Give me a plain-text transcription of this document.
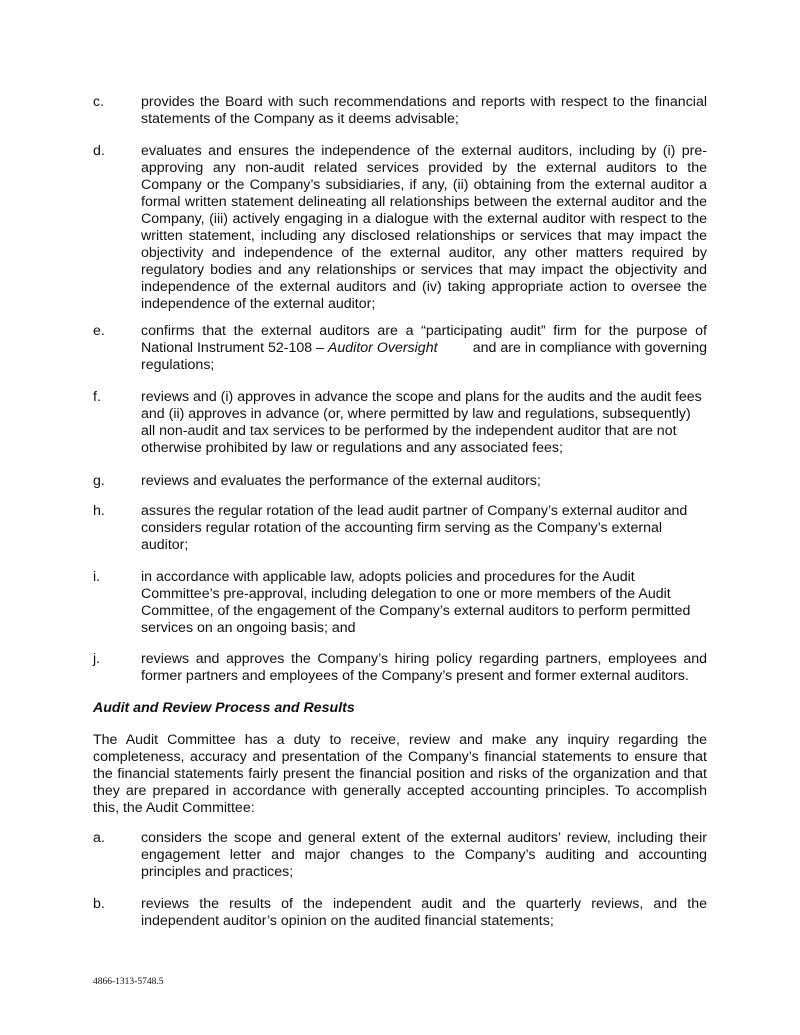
c.	provides the Board with such recommendations and reports with respect to the financial
statements of the Company as it deems advisable;
d.	evaluates and ensures the independence of the external auditors, including by (i) pre-
approving any non-audit related services provided by the external auditors to the
Company or the Company’s subsidiaries, if any, (ii) obtaining from the external auditor a
formal written statement delineating all relationships between the external auditor and the
Company, (iii) actively engaging in a dialogue with the external auditor with respect to the
written statement, including any disclosed relationships or services that may impact the
objectivity and independence of the external auditor, any other matters required by
regulatory bodies and any relationships or services that may impact the objectivity and
independence of the external auditors and (iv) taking appropriate action to oversee the
independence of the external auditor;
e.	confirms that the external auditors are a “participating audit” firm for the purpose of
National Instrument 52-108 – Auditor Oversight	and are in compliance with governing
regulations;
f.	reviews and (i) approves in advance the scope and plans for the audits and the audit fees
and (ii) approves in advance (or, where permitted by law and regulations, subsequently)
all non-audit and tax services to be performed by the independent auditor that are not
otherwise prohibited by law or regulations and any associated fees;
g.	reviews and evaluates the performance of the external auditors;
h.	assures the regular rotation of the lead audit partner of Company’s external auditor and
considers regular rotation of the accounting firm serving as the Company’s external
auditor;
i.	in accordance with applicable law, adopts policies and procedures for the Audit
Committee’s pre-approval, including delegation to one or more members of the Audit
Committee, of the engagement of the Company’s external auditors to perform permitted
services on an ongoing basis; and
j.	reviews and approves the Company’s hiring policy regarding partners, employees and
former partners and employees of the Company’s present and former external auditors.
Audit and Review Process and Results
The Audit Committee has a duty to receive, review and make any inquiry regarding the
completeness, accuracy and presentation of the Company’s financial statements to ensure that
the financial statements fairly present the financial position and risks of the organization and that
they are prepared in accordance with generally accepted accounting principles. To accomplish
this, the Audit Committee:
a.	considers the scope and general extent of the external auditors’ review, including their
engagement letter and major changes to the Company’s auditing and accounting
principles and practices;
b.	reviews the results of the independent audit and the quarterly reviews, and the
independent auditor’s opinion on the audited financial statements;
4866-1313-5748.5
